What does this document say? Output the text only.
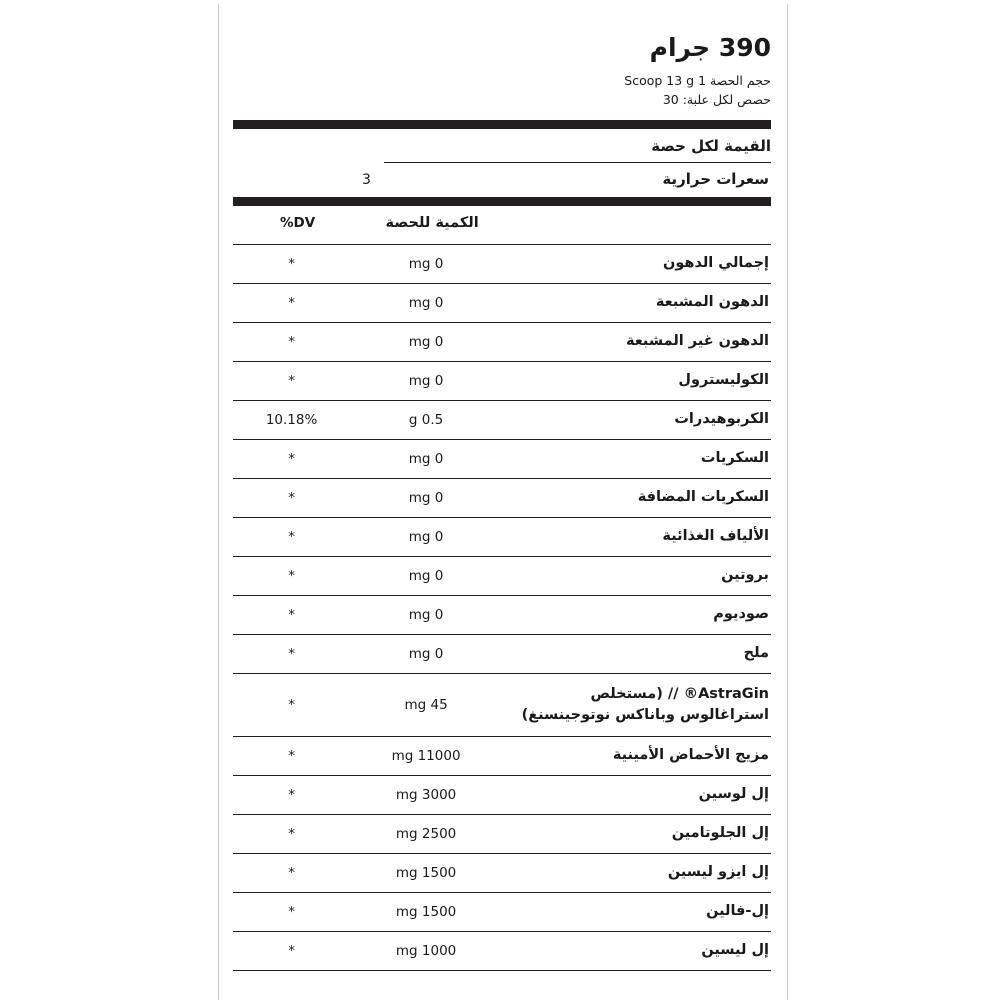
390 جرام
حجم الحصة 1 Scoop 13 g
حصص لكل علبة: 30
القيمة لكل حصة
سعرات حرارية
3
الكمية للحصة
DV%
إجمالي الدهون
0 mg
*
الدهون المشبعة
0 mg
*
الدهون غير المشبعة
0 mg
*
الكوليسترول
0 mg
*
الكربوهيدرات
0.5 g
10.18%
السكريات
0 mg
*
السكريات المضافة
0 mg
*
الألياف الغذائية
0 mg
*
بروتين
0 mg
*
صوديوم
0 mg
*
ملح
0 mg
*
AstraGin® // (مستخلص استراغالوس وباناكس نوتوجينسنغ)
45 mg
*
مزيج الأحماض الأمينية
11000 mg
*
إل لوسين
3000 mg
*
إل الجلوتامين
2500 mg
*
إل ايزو ليسين
1500 mg
*
إل-فالين
1500 mg
*
إل ليسين
1000 mg
*
